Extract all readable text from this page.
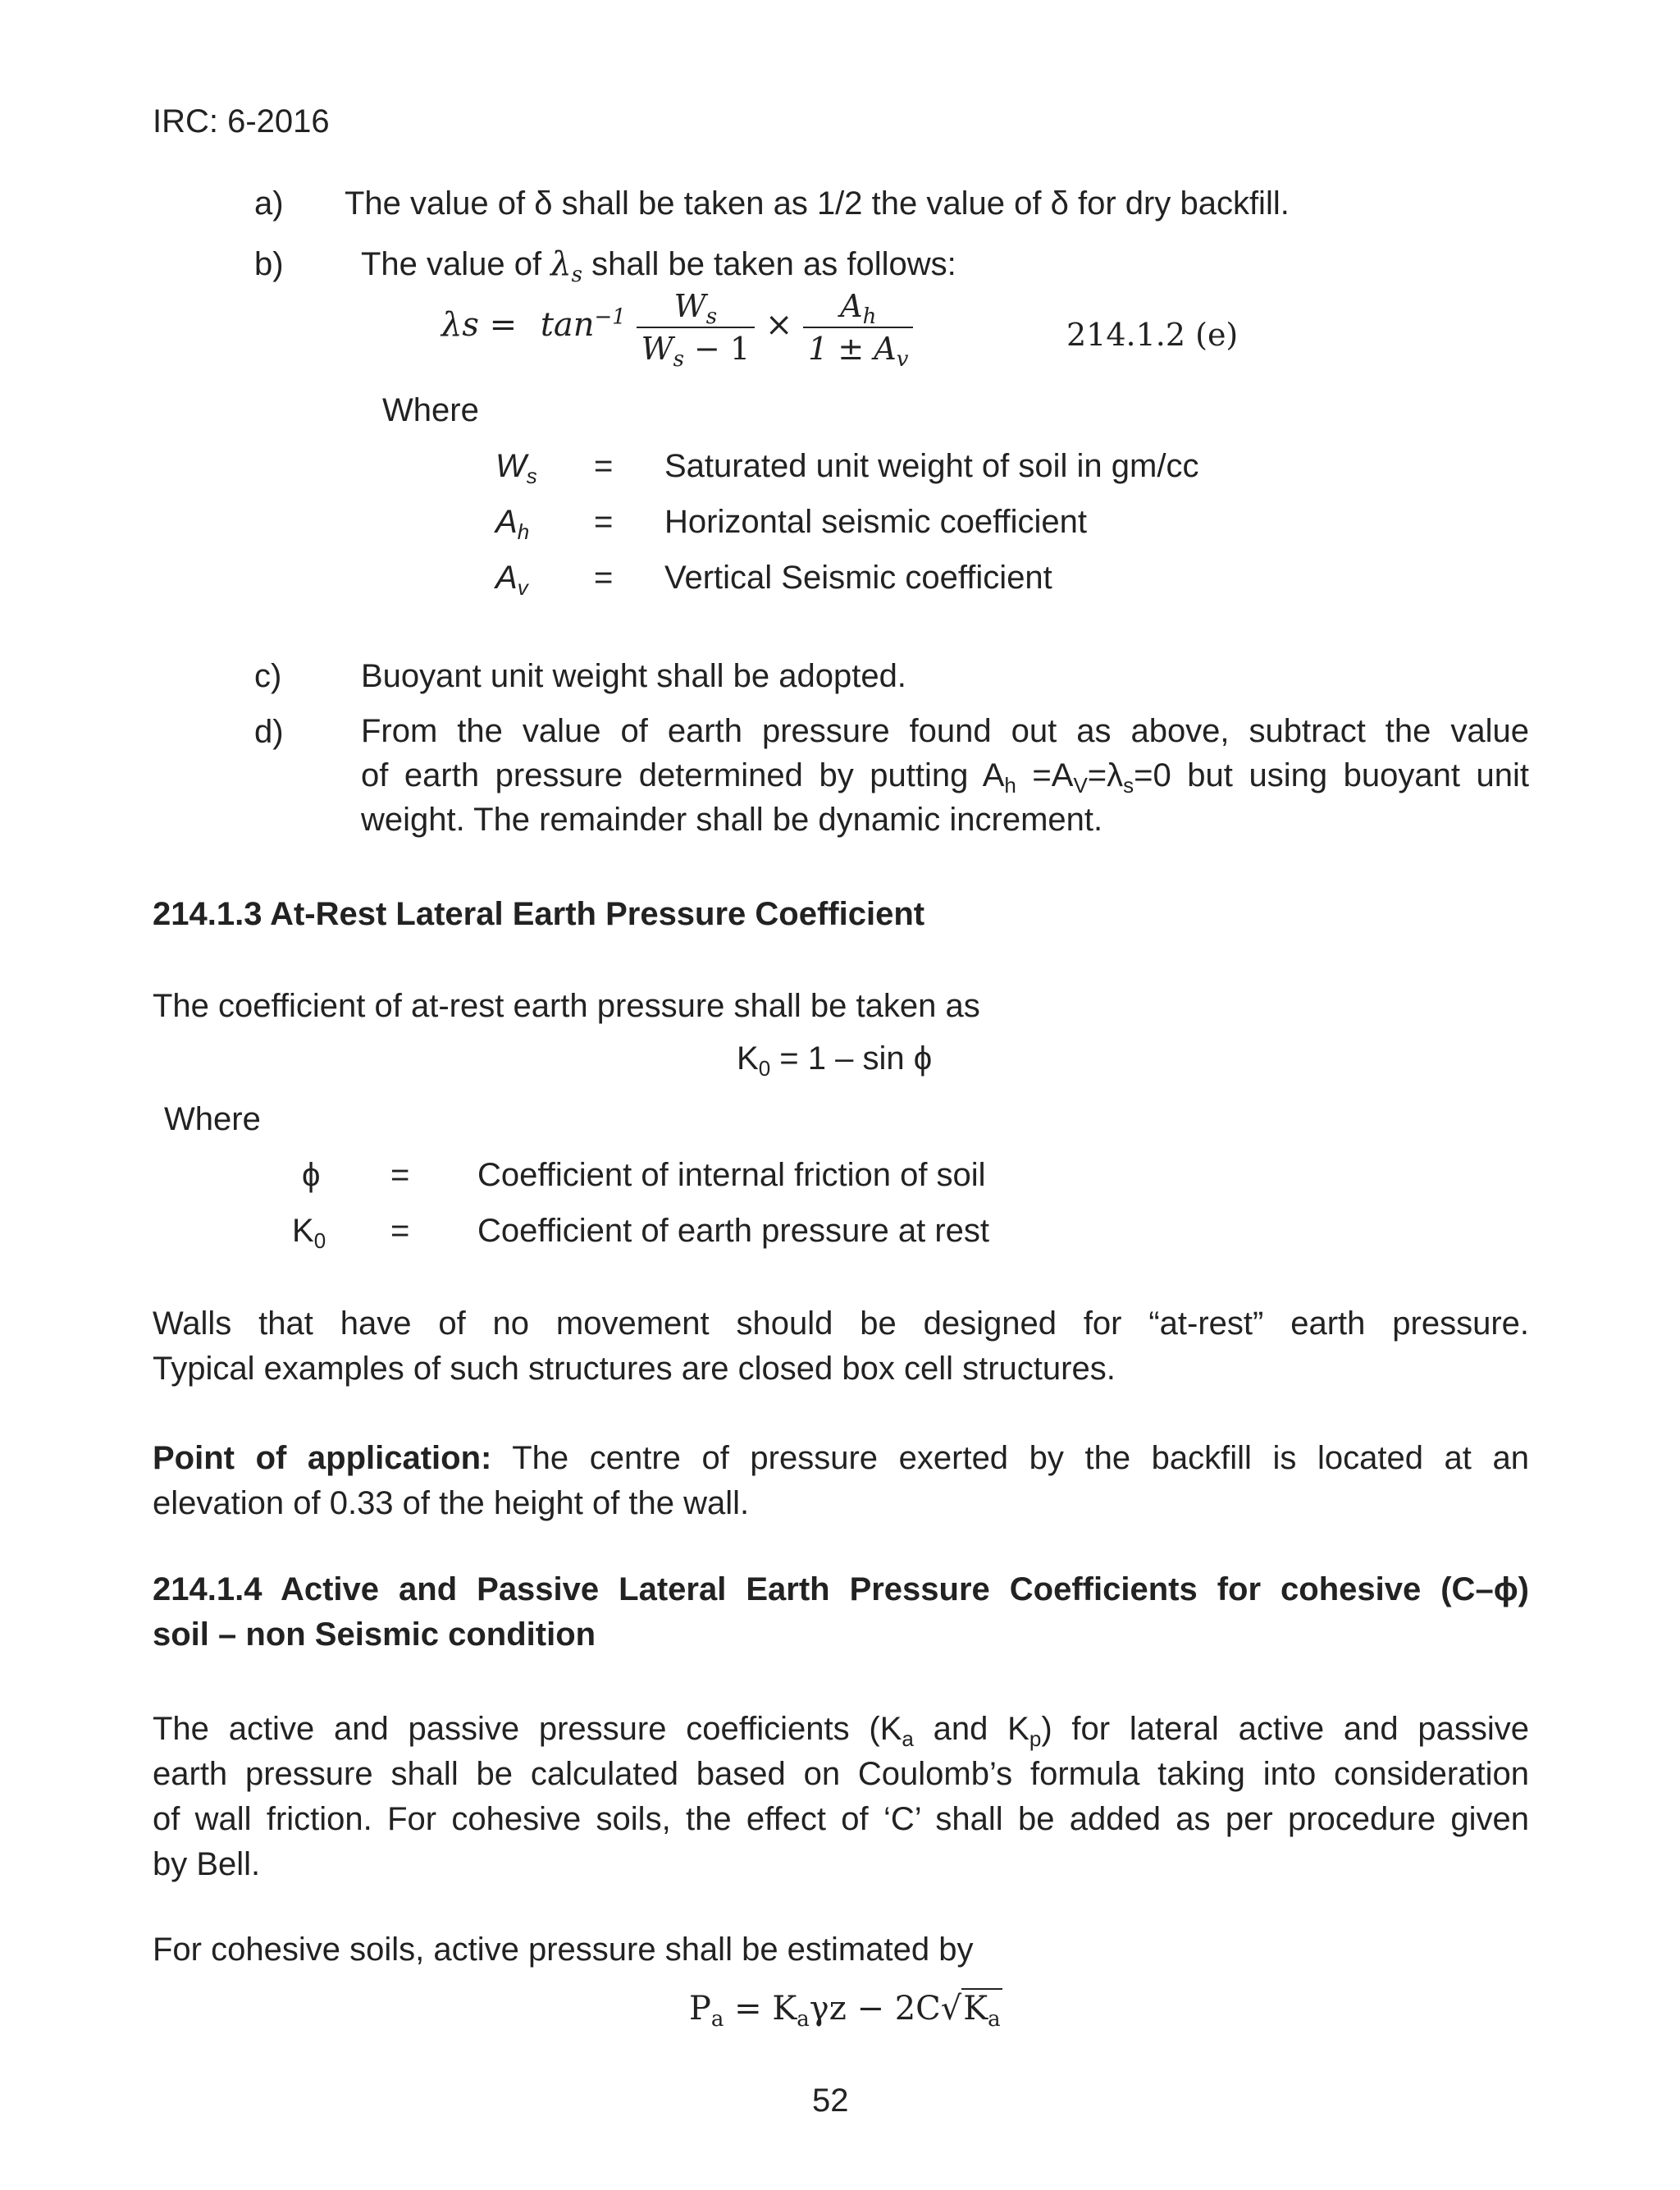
IRC: 6-2016
a) The value of δ shall be taken as 1/2 the value of δ for dry backfill.
b) The value of $\lambda_s$ shall be taken as follows:
$\lambda s = \tan^{-1} \frac{W_s}{W_s - 1} \times \frac{A_h}{1 \pm A_v}$	214.1.2 (e)
Where
$W_s$ = Saturated unit weight of soil in gm/cc
$A_h$ = Horizontal seismic coefficient
$A_v$ = Vertical Seismic coefficient
c) Buoyant unit weight shall be adopted.
d) From the value of earth pressure found out as above, subtract the value
of earth pressure determined by putting $A_h =A_V=\lambda_s=0$ but using buoyant unit
weight. The remainder shall be dynamic increment.
214.1.3 At-Rest Lateral Earth Pressure Coefficient
The coefficient of at-rest earth pressure shall be taken as
$K_0 = 1 - \sin \phi$
Where
ϕ = Coefficient of internal friction of soil
$K_0$ = Coefficient of earth pressure at rest
Walls that have of no movement should be designed for “at-rest” earth pressure.
Typical examples of such structures are closed box cell structures.
Point of application: The centre of pressure exerted by the backfill is located at an
elevation of 0.33 of the height of the wall.
214.1.4 Active and Passive Lateral Earth Pressure Coefficients for cohesive (C–ϕ)
soil – non Seismic condition
The active and passive pressure coefficients ($K_a$ and $K_p$) for lateral active and passive
earth pressure shall be calculated based on Coulomb’s formula taking into consideration
of wall friction. For cohesive soils, the effect of ‘C’ shall be added as per procedure given
by Bell.
For cohesive soils, active pressure shall be estimated by
$P_a = K_a\gamma z - 2C√K_a$
52
